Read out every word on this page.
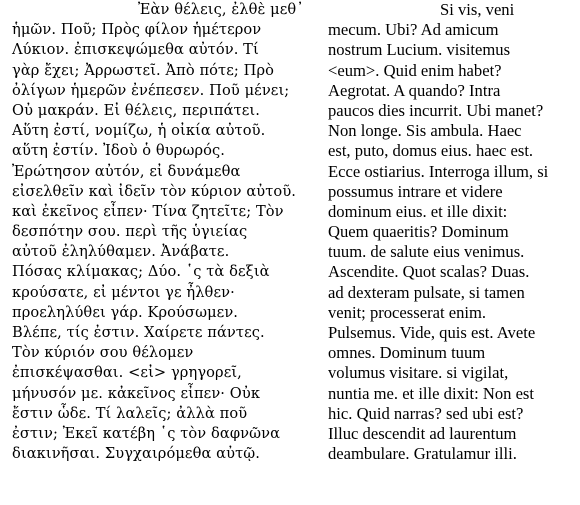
Ἐὰν θέλεις, ἐλθὲ μεθ᾽
ἡμῶν. Ποῦ; Πρὸς φίλον ἡμέτερον
Λύκιον. ἐπισκεψώμεθα αὐτόν. Τί
γὰρ ἔχει; Ἀρρωστεῖ. Ἀπὸ πότε; Πρὸ
ὀλίγων ἡμερῶν ἐνέπεσεν. Ποῦ μένει;
Οὐ μακράν. Εἰ θέλεις, περιπάτει.
Αὕτη ἐστί, νομίζω, ἡ οἰκία αὐτοῦ.
αὕτη ἐστίν. Ἰδοὺ ὁ θυρωρός.
Ἐρώτησον αὐτόν, εἰ δυνάμεθα
εἰσελθεῖν καὶ ἰδεῖν τὸν κύριον αὐτοῦ.
καὶ ἐκεῖνος εἶπεν· Τίνα ζητεῖτε; Τὸν
δεσπότην σου. περὶ τῆς ὑγιείας
αὐτοῦ ἐληλύθαμεν. Ἀνάβατε.
Πόσας κλίμακας; Δύο. ῾ς τὰ δεξιὰ
κρούσατε, εἰ μέντοι γε ἦλθεν·
προεληλύθει γάρ. Κρούσωμεν.
Βλέπε, τίς ἐστιν. Χαίρετε πάντες.
Τὸν κύριόν σου θέλομεν
ἐπισκέψασθαι. <εἰ> γρηγορεῖ,
μήνυσόν με. κἀκεῖνος εἶπεν· Οὐκ
ἔστιν ὧδε. Τί λαλεῖς; ἀλλὰ ποῦ
ἐστιν; Ἐκεῖ κατέβη ῾ς τὸν δαφνῶνα
διακινῆσαι. Συγχαιρόμεθα αὐτῷ.
Si vis, veni
mecum. Ubi? Ad amicum
nostrum Lucium. visitemus
<eum>. Quid enim habet?
Aegrotat. A quando? Intra
paucos dies incurrit. Ubi manet?
Non longe. Sis ambula. Haec
est, puto, domus eius. haec est.
Ecce ostiarius. Interroga illum, si
possumus intrare et videre
dominum eius. et ille dixit:
Quem quaeritis? Dominum
tuum. de salute eius venimus.
Ascendite. Quot scalas? Duas.
ad dexteram pulsate, si tamen
venit; processerat enim.
Pulsemus. Vide, quis est. Avete
omnes. Dominum tuum
volumus visitare. si vigilat,
nuntia me. et ille dixit: Non est
hic. Quid narras? sed ubi est?
Illuc descendit ad laurentum
deambulare. Gratulamur illi.
